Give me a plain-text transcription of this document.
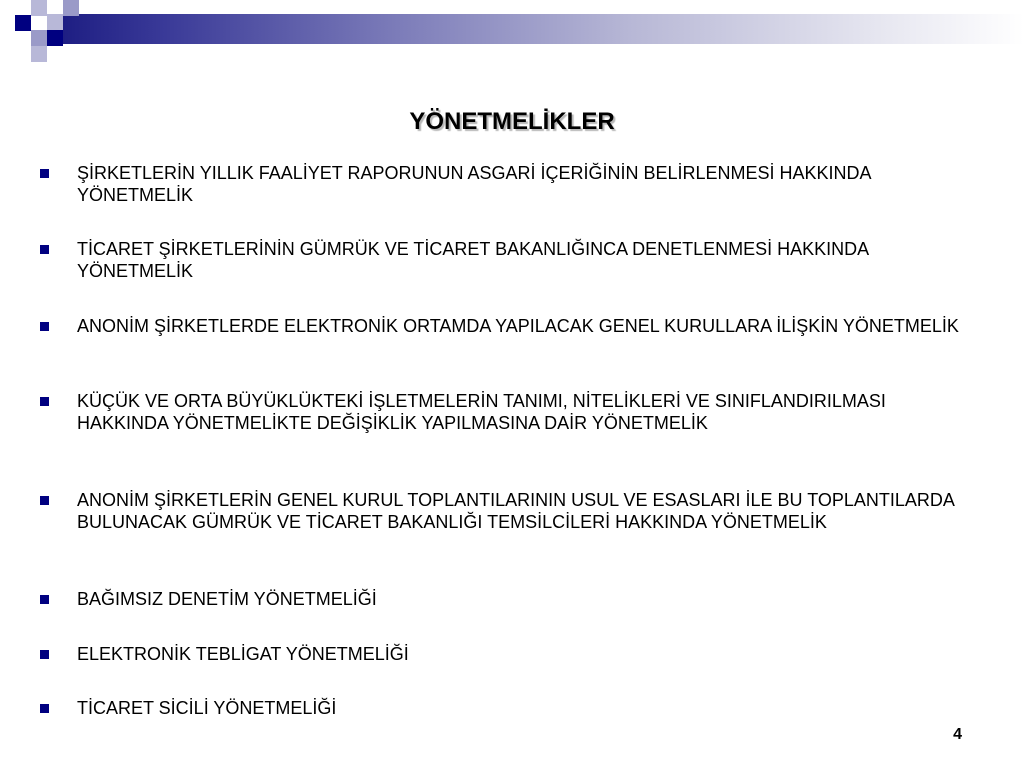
YÖNETMELİKLER
ŞİRKETLERİN YILLIK FAALİYET RAPORUNUN ASGARİ İÇERİĞİNİN BELİRLENMESİ HAKKINDA YÖNETMELİK
TİCARET ŞİRKETLERİNİN GÜMRÜK VE TİCARET BAKANLIĞINCA DENETLENMESİ HAKKINDA YÖNETMELİK
ANONİM ŞİRKETLERDE ELEKTRONİK ORTAMDA YAPILACAK GENEL KURULLARA İLİŞKİN YÖNETMELİK
KÜÇÜK VE ORTA BÜYÜKLÜKTEKİ İŞLETMELERİN TANIMI, NİTELİKLERİ VE SINIFLANDIRILMASI HAKKINDA YÖNETMELİKTE DEĞİŞİKLİK YAPILMASINA DAİR YÖNETMELİK
ANONİM ŞİRKETLERİN GENEL KURUL TOPLANTILARININ USUL VE ESASLARI İLE BU TOPLANTILARDA BULUNACAK GÜMRÜK VE TİCARET BAKANLIĞI TEMSİLCİLERİ HAKKINDA YÖNETMELİK
BAĞIMSIZ DENETİM YÖNETMELİĞİ
ELEKTRONİK TEBLİGAT YÖNETMELİĞİ
TİCARET SİCİLİ YÖNETMELİĞİ
4
